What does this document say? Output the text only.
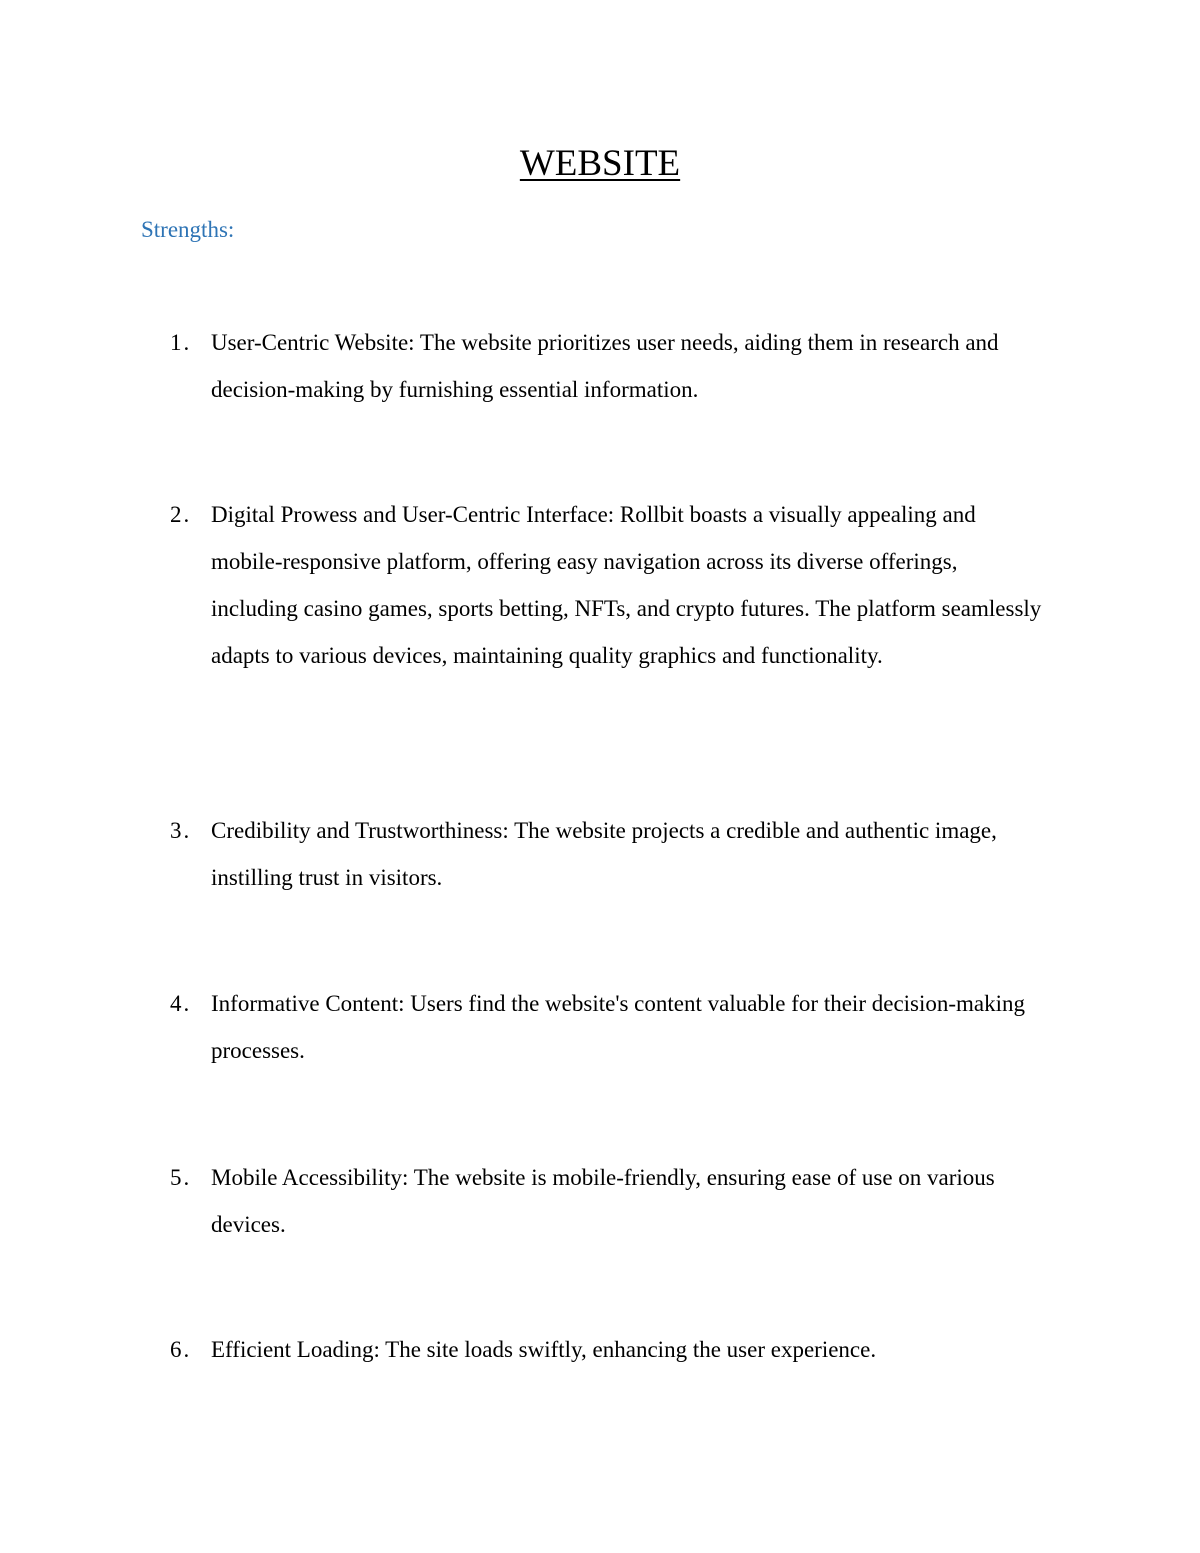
WEBSITE
Strengths:
1. User-Centric Website: The website prioritizes user needs, aiding them in research and decision-making by furnishing essential information.
2. Digital Prowess and User-Centric Interface: Rollbit boasts a visually appealing and mobile-responsive platform, offering easy navigation across its diverse offerings, including casino games, sports betting, NFTs, and crypto futures. The platform seamlessly adapts to various devices, maintaining quality graphics and functionality.
3. Credibility and Trustworthiness: The website projects a credible and authentic image, instilling trust in visitors.
4. Informative Content: Users find the website's content valuable for their decision-making processes.
5. Mobile Accessibility: The website is mobile-friendly, ensuring ease of use on various devices.
6. Efficient Loading: The site loads swiftly, enhancing the user experience.
